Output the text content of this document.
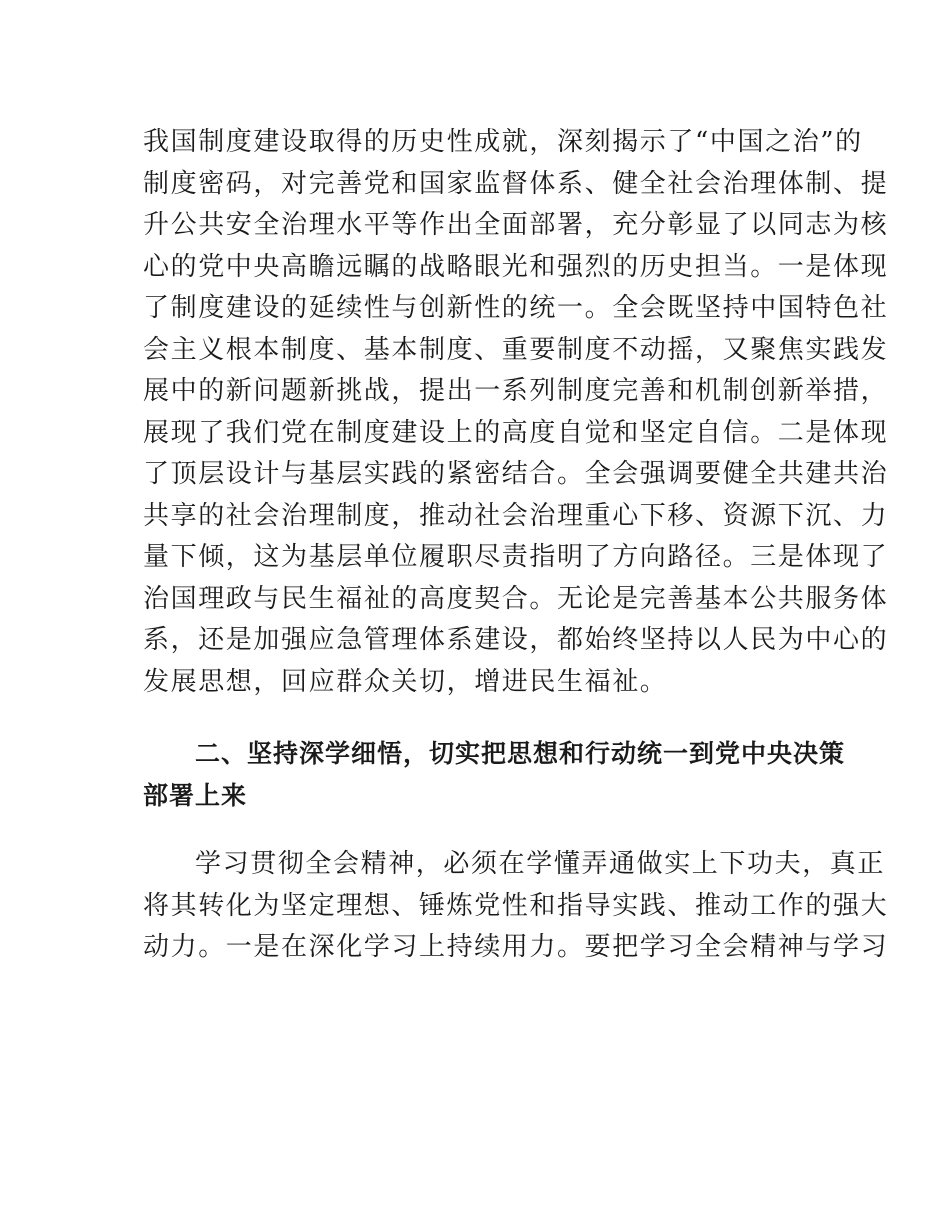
我国制度建设取得的历史性成就，深刻揭示了“中国之治”的
制度密码，对完善党和国家监督体系、健全社会治理体制、提
升公共安全治理水平等作出全面部署，充分彰显了以同志为核
心的党中央高瞻远瞩的战略眼光和强烈的历史担当。一是体现
了制度建设的延续性与创新性的统一。全会既坚持中国特色社
会主义根本制度、基本制度、重要制度不动摇，又聚焦实践发
展中的新问题新挑战，提出一系列制度完善和机制创新举措，
展现了我们党在制度建设上的高度自觉和坚定自信。二是体现
了顶层设计与基层实践的紧密结合。全会强调要健全共建共治
共享的社会治理制度，推动社会治理重心下移、资源下沉、力
量下倾，这为基层单位履职尽责指明了方向路径。三是体现了
治国理政与民生福祉的高度契合。无论是完善基本公共服务体
系，还是加强应急管理体系建设，都始终坚持以人民为中心的
发展思想，回应群众关切，增进民生福祉。

二、坚持深学细悟，切实把思想和行动统一到党中央决策
部署上来

学习贯彻全会精神，必须在学懂弄通做实上下功夫，真正
将其转化为坚定理想、锤炼党性和指导实践、推动工作的强大
动力。一是在深化学习上持续用力。要把学习全会精神与学习
